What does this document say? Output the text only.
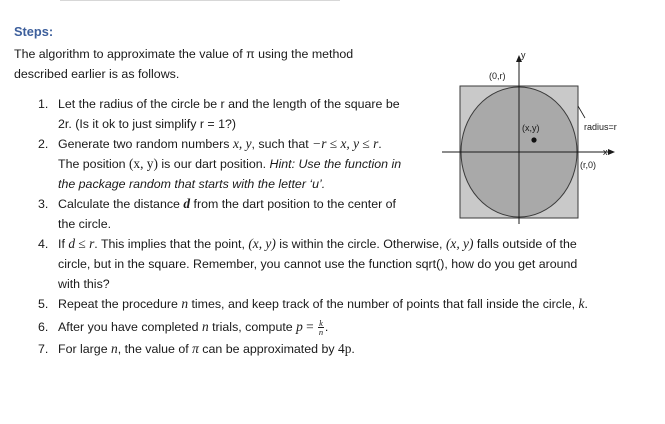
Steps:
The algorithm to approximate the value of π using the method
described earlier is as follows.
1. Let the radius of the circle be r and the length of the square be
2r. (Is it ok to just simplify r = 1?)
2. Generate two random numbers x, y, such that −r ≤ x, y ≤ r.
The position (x, y) is our dart position. Hint: Use the function in
the package random that starts with the letter ‘u’.
3. Calculate the distance d from the dart position to the center of
the circle.
4. If d ≤ r. This implies that the point, (x, y) is within the circle. Otherwise, (x, y) falls outside of the
circle, but in the square. Remember, you cannot use the function sqrt(), how do you get around
with this?
5. Repeat the procedure n times, and keep track of the number of points that fall inside the circle, k.
6. After you have completed n trials, compute $p = \frac{k}{n}$ .
7. For large n, the value of π can be approximated by 4p.
y
(0,r)
(x,y)	radius=r
x
(r,0)
